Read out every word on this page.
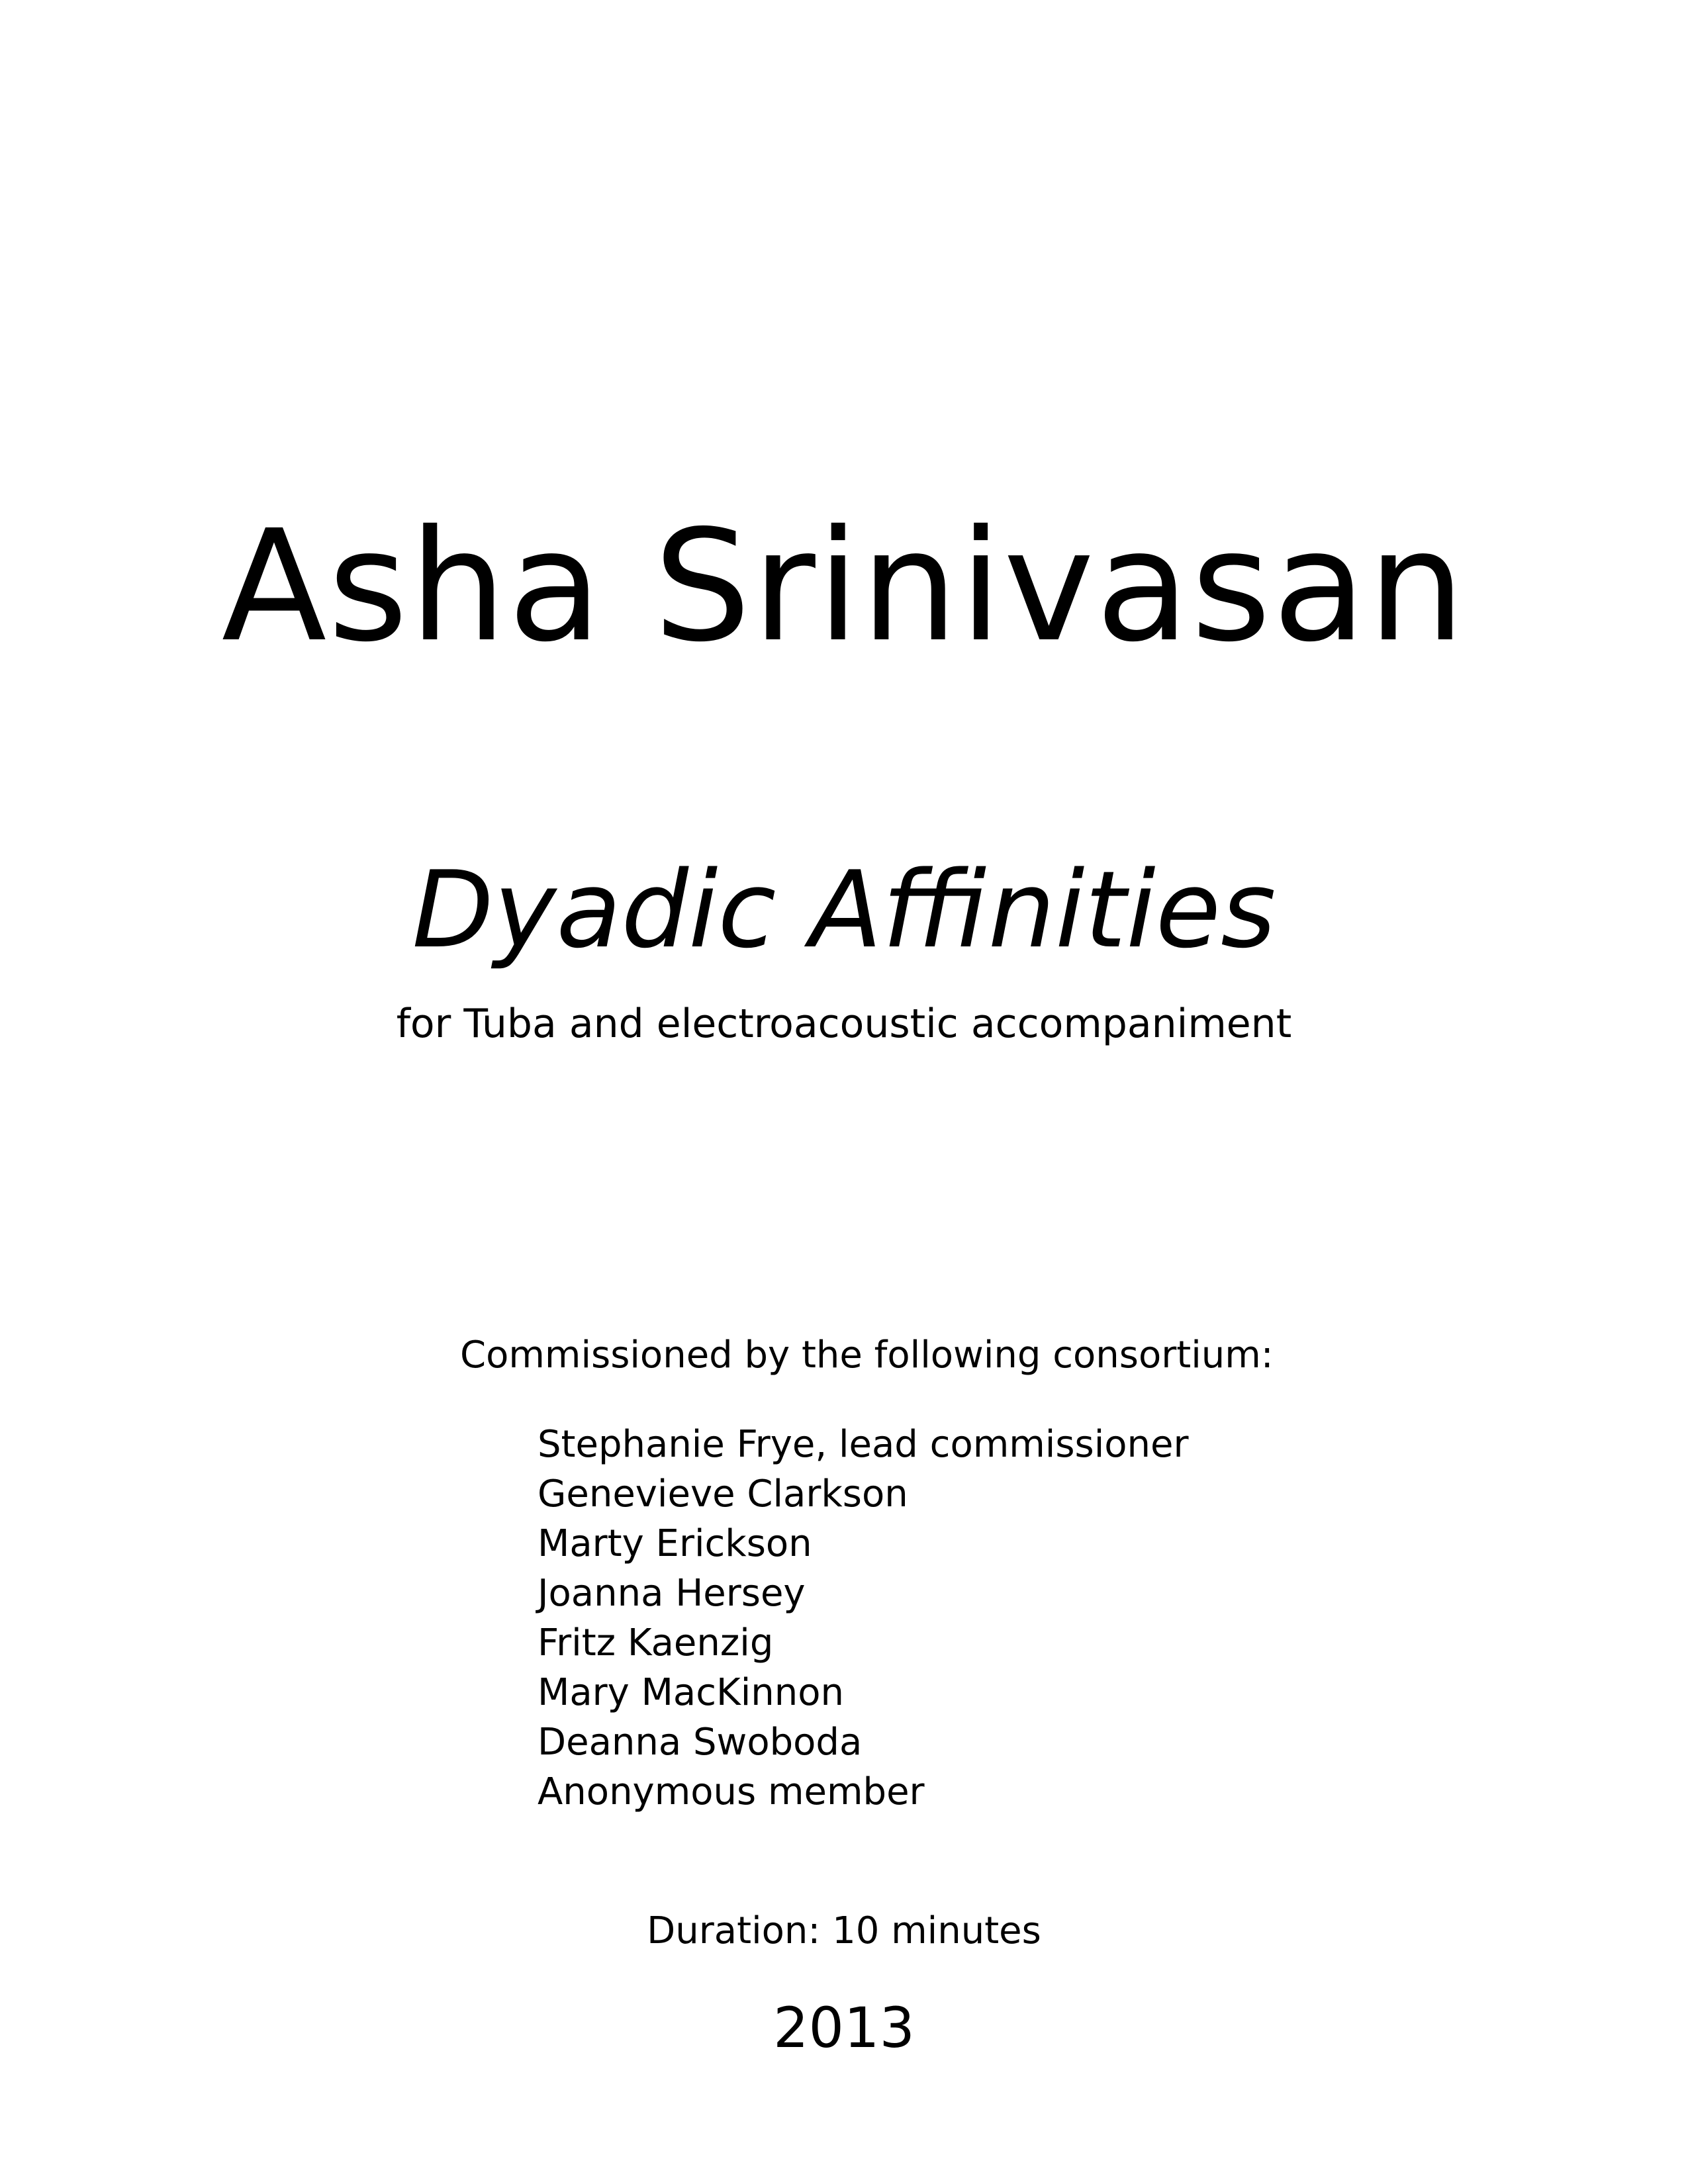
Asha Srinivasan
Dyadic Affinities
for Tuba and electroacoustic accompaniment
Commissioned by the following consortium:
Stephanie Frye, lead commissioner
Genevieve Clarkson
Marty Erickson
Joanna Hersey
Fritz Kaenzig
Mary MacKinnon
Deanna Swoboda
Anonymous member
Duration: 10 minutes
2013
